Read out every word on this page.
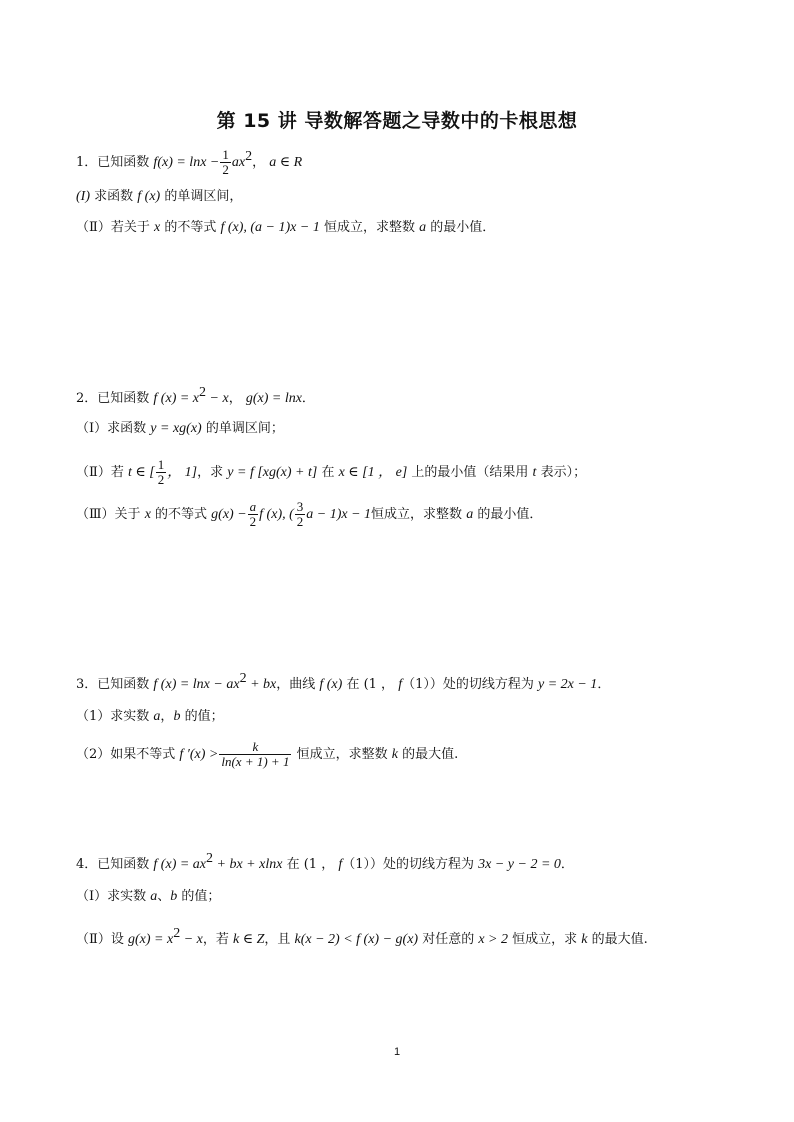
第 15 讲 导数解答题之导数中的卡根思想
1．已知函数 $f(x) = \ln x - \frac{1}{2} ax^2$， a ∈ R
(I) 求函数 f (x) 的单调区间，
（Ⅱ）若关于 x 的不等式 f (x), (a − 1)x − 1 恒成立，求整数 a 的最小值．
2．已知函数 f $(x) = x^2 - x$， g(x) = lnx．
（Ⅰ）求函数 y = xg(x) 的单调区间；
（Ⅱ）若 t ∈ [ $\frac{1}{2}$ ， 1]，求 y = f [xg(x) + t] 在 x ∈ [1 ， e] 上的最小值（结果用 t 表示）；
（Ⅲ）关于 x 的不等式 $g(x) - \frac{a}{2}$ f (x), ( $\frac{3}{2}$ a − 1)x − 1恒成立，求整数 a 的最小值．
3．已知函数 f $(x) = \ln x - ax^2$ + bx，曲线 f (x) 在 (1 ， f（1））处的切线方程为 y = 2x − 1．
（1）求实数 a，b 的值；
（2）如果不等式 f $'(x) > \frac{k}{\ln(x + 1) + 1}$ 恒成立，求整数 k 的最大值.
4．已知函数 f $(x) = ax^2$ + bx + xlnx 在 (1 ， f（1））处的切线方程为 3x − y − 2 = 0．
（Ⅰ）求实数 a、b 的值；
（Ⅱ）设 $g(x) = x^2 - x$，若 k ∈ Z，且 k(x − 2) < f (x) − g(x) 对任意的 x > 2 恒成立，求 k 的最大值.
1
